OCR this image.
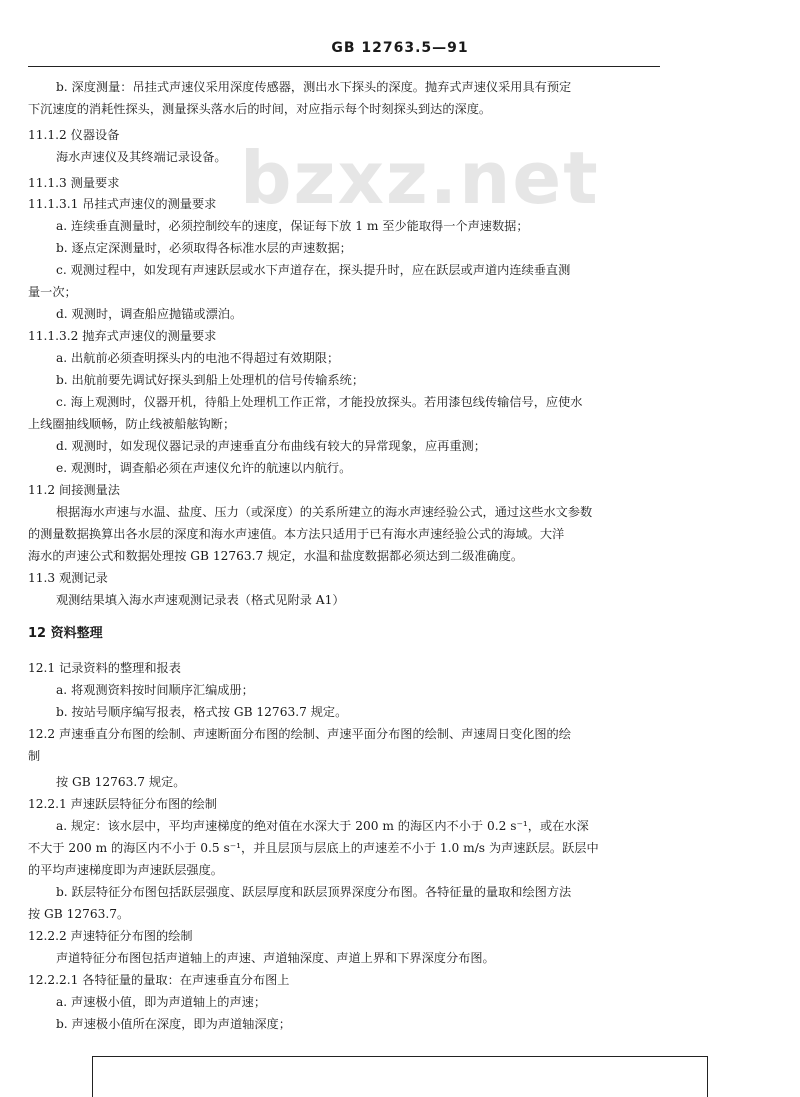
GB 12763.5—91
bzxz.net
b. 深度测量：吊挂式声速仪采用深度传感器，测出水下探头的深度。抛弃式声速仪采用具有预定
下沉速度的消耗性探头，测量探头落水后的时间，对应指示每个时刻探头到达的深度。
11.1.2 仪器设备
海水声速仪及其终端记录设备。
11.1.3 测量要求
11.1.3.1 吊挂式声速仪的测量要求
a. 连续垂直测量时，必须控制绞车的速度，保证每下放 1 m 至少能取得一个声速数据；
b. 逐点定深测量时，必须取得各标准水层的声速数据；
c. 观测过程中，如发现有声速跃层或水下声道存在，探头提升时，应在跃层或声道内连续垂直测
量一次；
d. 观测时，调查船应抛锚或漂泊。
11.1.3.2 抛弃式声速仪的测量要求
a. 出航前必须查明探头内的电池不得超过有效期限；
b. 出航前要先调试好探头到船上处理机的信号传输系统；
c. 海上观测时，仪器开机，待船上处理机工作正常，才能投放探头。若用漆包线传输信号，应使水
上线圈抽线顺畅，防止线被船舷钩断；
d. 观测时，如发现仪器记录的声速垂直分布曲线有较大的异常现象，应再重测；
e. 观测时，调查船必须在声速仪允许的航速以内航行。
11.2 间接测量法
根据海水声速与水温、盐度、压力（或深度）的关系所建立的海水声速经验公式，通过这些水文参数
的测量数据换算出各水层的深度和海水声速值。本方法只适用于已有海水声速经验公式的海域。大洋
海水的声速公式和数据处理按 GB 12763.7 规定，水温和盐度数据都必须达到二级准确度。
11.3 观测记录
观测结果填入海水声速观测记录表（格式见附录 A1）
12 资料整理
12.1 记录资料的整理和报表
a. 将观测资料按时间顺序汇编成册；
b. 按站号顺序编写报表，格式按 GB 12763.7 规定。
12.2 声速垂直分布图的绘制、声速断面分布图的绘制、声速平面分布图的绘制、声速周日变化图的绘
制
按 GB 12763.7 规定。
12.2.1 声速跃层特征分布图的绘制
a. 规定：该水层中，平均声速梯度的绝对值在水深大于 200 m 的海区内不小于 0.2 s⁻¹，或在水深
不大于 200 m 的海区内不小于 0.5 s⁻¹，并且层顶与层底上的声速差不小于 1.0 m/s 为声速跃层。跃层中
的平均声速梯度即为声速跃层强度。
b. 跃层特征分布图包括跃层强度、跃层厚度和跃层顶界深度分布图。各特征量的量取和绘图方法
按 GB 12763.7。
12.2.2 声速特征分布图的绘制
声道特征分布图包括声道轴上的声速、声道轴深度、声道上界和下界深度分布图。
12.2.2.1 各特征量的量取：在声速垂直分布图上
a. 声速极小值，即为声道轴上的声速；
b. 声速极小值所在深度，即为声道轴深度；
